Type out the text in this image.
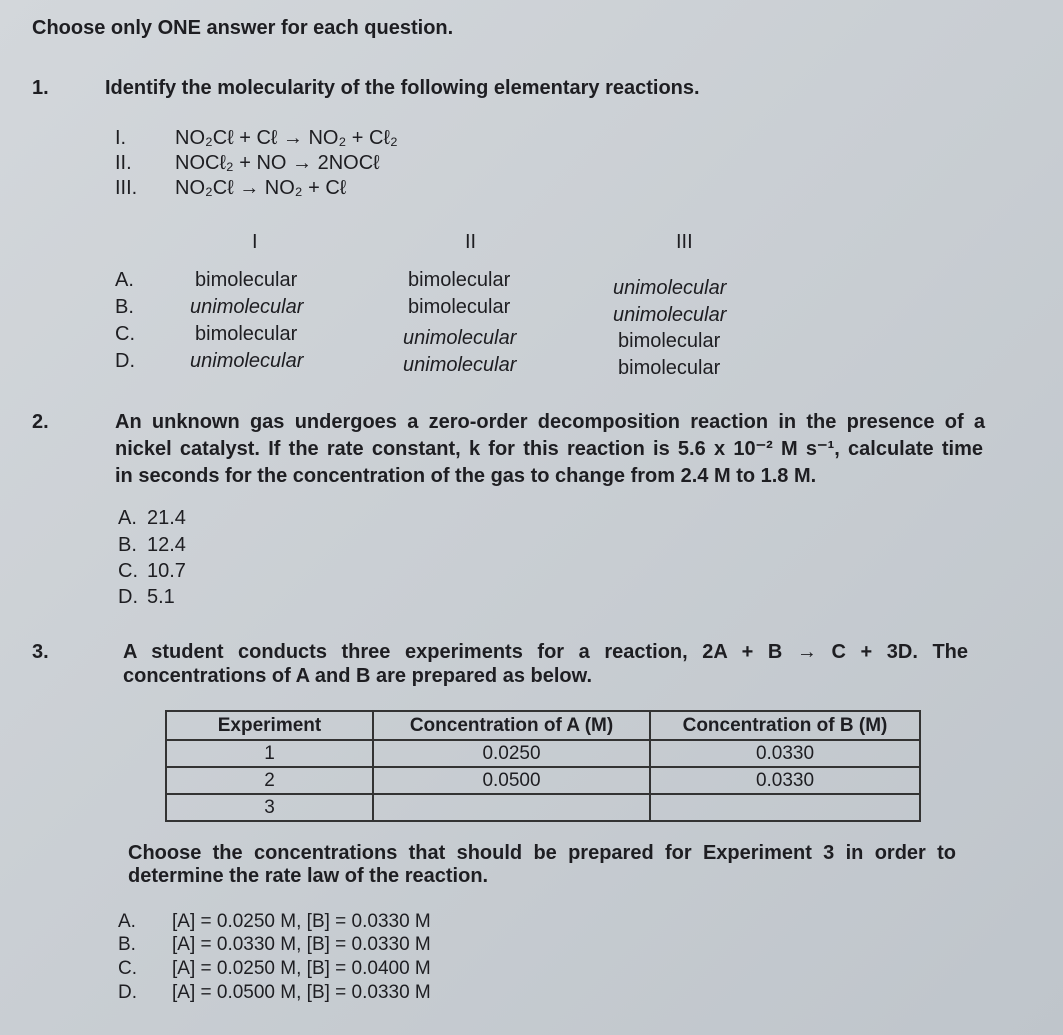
Choose only ONE answer for each question.
1.	Identify the molecularity of the following elementary reactions.
I. NO₂Cℓ + Cℓ → NO₂ + Cℓ₂
II. NOCℓ₂ + NO → 2NOCℓ
III. NO₂Cℓ → NO₂ + Cℓ
I	II	III
A.	bimolecular	bimolecular	unimolecular
B.	unimolecular	bimolecular	unimolecular
C.	bimolecular	unimolecular	bimolecular
D.	unimolecular	unimolecular	bimolecular
2.	An unknown gas undergoes a zero-order decomposition reaction in the presence of a
nickel catalyst. If the rate constant, k for this reaction is 5.6 x 10⁻² M s⁻¹, calculate time
in seconds for the concentration of the gas to change from 2.4 M to 1.8 M.
A. 21.4
B. 12.4
C. 10.7
D. 5.1
3.	A student conducts three experiments for a reaction, 2A + B → C + 3D. The
concentrations of A and B are prepared as below.
Experiment	Concentration of A (M)	Concentration of B (M)
1	0.0250	0.0330
2	0.0500	0.0330
3		
Choose the concentrations that should be prepared for Experiment 3 in order to
determine the rate law of the reaction.
A. [A] = 0.0250 M, [B] = 0.0330 M
B. [A] = 0.0330 M, [B] = 0.0330 M
C. [A] = 0.0250 M, [B] = 0.0400 M
D. [A] = 0.0500 M, [B] = 0.0330 M
